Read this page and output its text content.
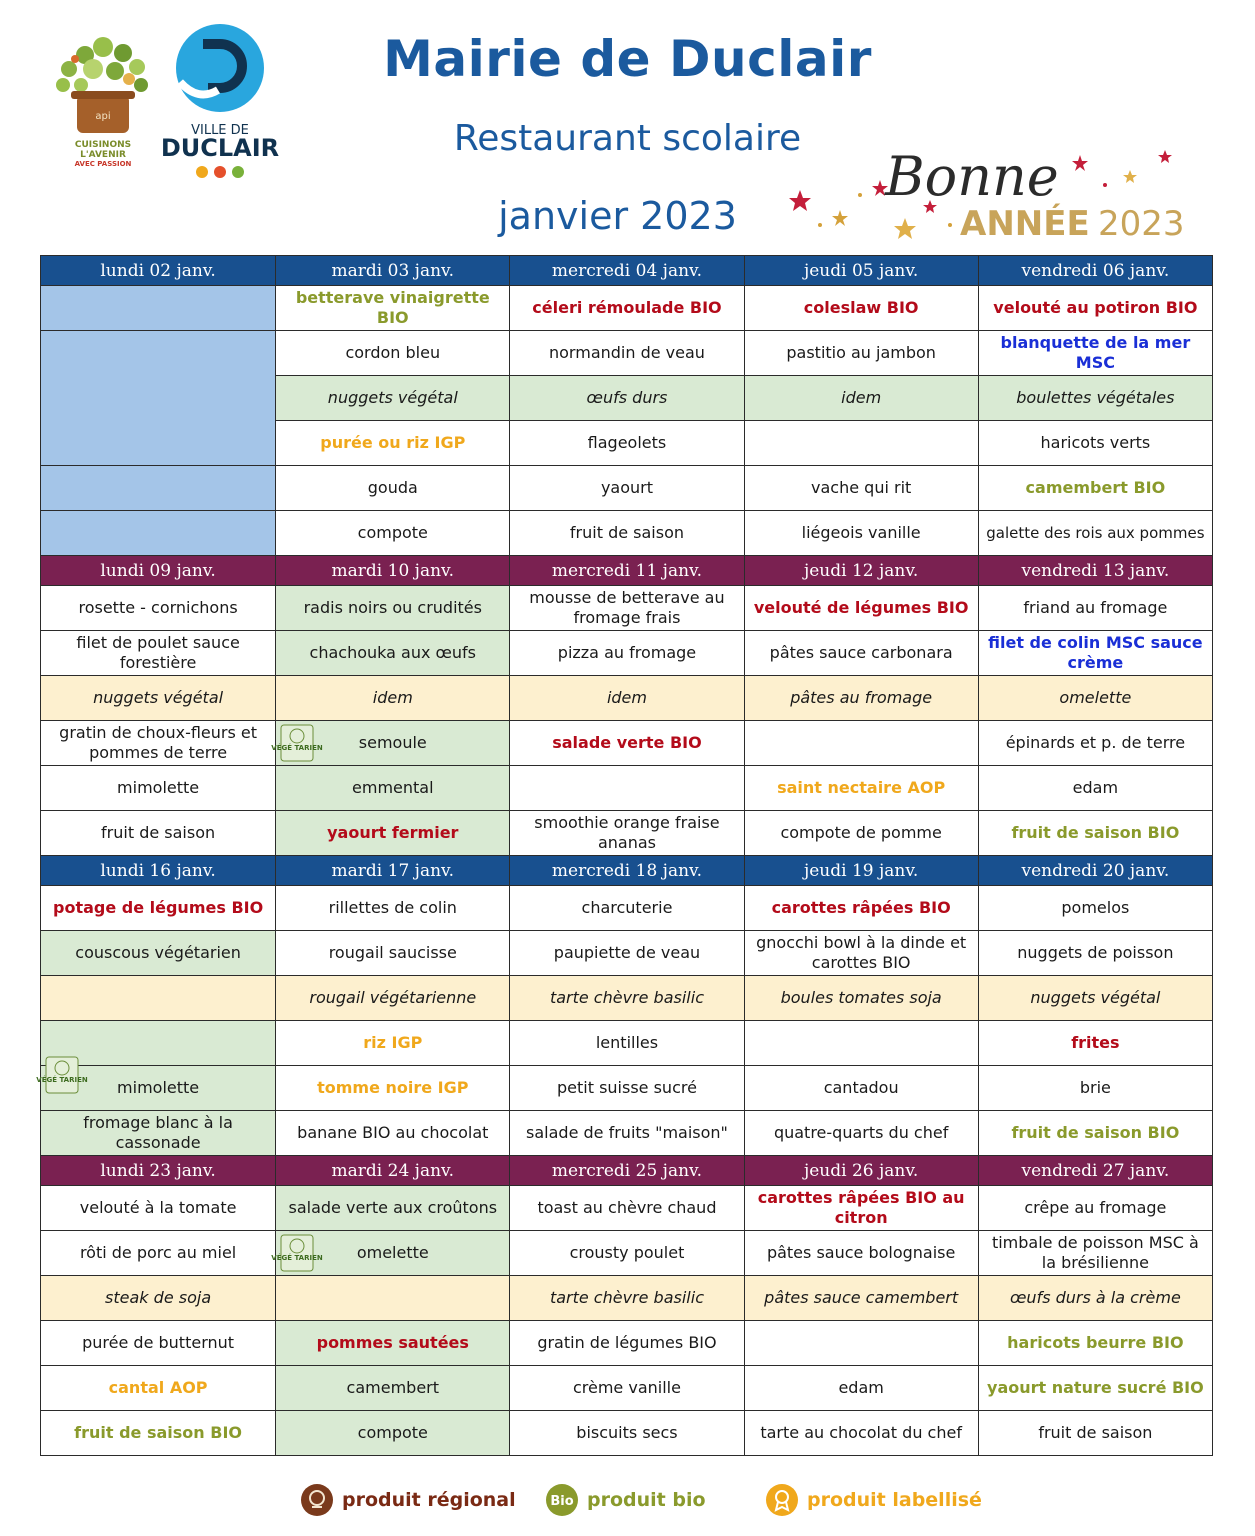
api
CUISINONS
L'AVENIR
AVEC PASSION
VILLE DE
DUCLAIR
Mairie de Duclair
Restaurant scolaire
janvier 2023
Bonne
ANNÉE 2023
lundi 02 janv.	mardi 03 janv.	mercredi 04 janv.	jeudi 05 janv.	vendredi 06 janv.
	betterave vinaigrette BIO	céleri rémoulade BIO	coleslaw BIO	velouté au potiron BIO
	cordon bleu	normandin de veau	pastitio au jambon	blanquette de la mer MSC
	nuggets végétal	œufs durs	idem	boulettes végétales
	purée ou riz IGP	flageolets		haricots verts
	gouda	yaourt	vache qui rit	camembert BIO
	compote	fruit de saison	liégeois vanille	galette des rois aux pommes
lundi 09 janv.	mardi 10 janv.	mercredi 11 janv.	jeudi 12 janv.	vendredi 13 janv.
rosette - cornichons	radis noirs ou crudités	mousse de betterave au fromage frais	velouté de légumes BIO	friand au fromage
filet de poulet sauce forestière	chachouka aux œufs	pizza au fromage	pâtes sauce carbonara	filet de colin MSC sauce crème
nuggets végétal	idem	idem	pâtes au fromage	omelette
gratin de choux-fleurs et pommes de terre	VÉGÉ TARIEN semoule	salade verte BIO		épinards et p. de terre
mimolette	emmental		saint nectaire AOP	edam
fruit de saison	yaourt fermier	smoothie orange fraise ananas	compote de pomme	fruit de saison BIO
lundi 16 janv.	mardi 17 janv.	mercredi 18 janv.	jeudi 19 janv.	vendredi 20 janv.
potage de légumes BIO	rillettes de colin	charcuterie	carottes râpées BIO	pomelos
couscous végétarien	rougail saucisse	paupiette de veau	gnocchi bowl à la dinde et carottes BIO	nuggets de poisson
	rougail végétarienne	tarte chèvre basilic	boules tomates soja	nuggets végétal
	riz IGP	lentilles		frites

VÉGÉ TARIEN mimolette	tomme noire IGP	petit suisse sucré	cantadou	brie
fromage blanc à la cassonade	banane BIO au chocolat	salade de fruits "maison"	quatre-quarts du chef	fruit de saison BIO
lundi 23 janv.	mardi 24 janv.	mercredi 25 janv.	jeudi 26 janv.	vendredi 27 janv.
velouté à la tomate	salade verte aux croûtons	toast au chèvre chaud	carottes râpées BIO au citron	crêpe au fromage
rôti de porc au miel	VÉGÉ TARIEN omelette	crousty poulet	pâtes sauce bolognaise	timbale de poisson MSC à la brésilienne
steak de soja		tarte chèvre basilic	pâtes sauce camembert	œufs durs à la crème
purée de butternut	pommes sautées	gratin de légumes BIO		haricots beurre BIO
cantal AOP	camembert	crème vanille	edam	yaourt nature sucré BIO
fruit de saison BIO	compote	biscuits secs	tarte au chocolat du chef	fruit de saison
produit régional	Bio produit bio	produit labellisé
